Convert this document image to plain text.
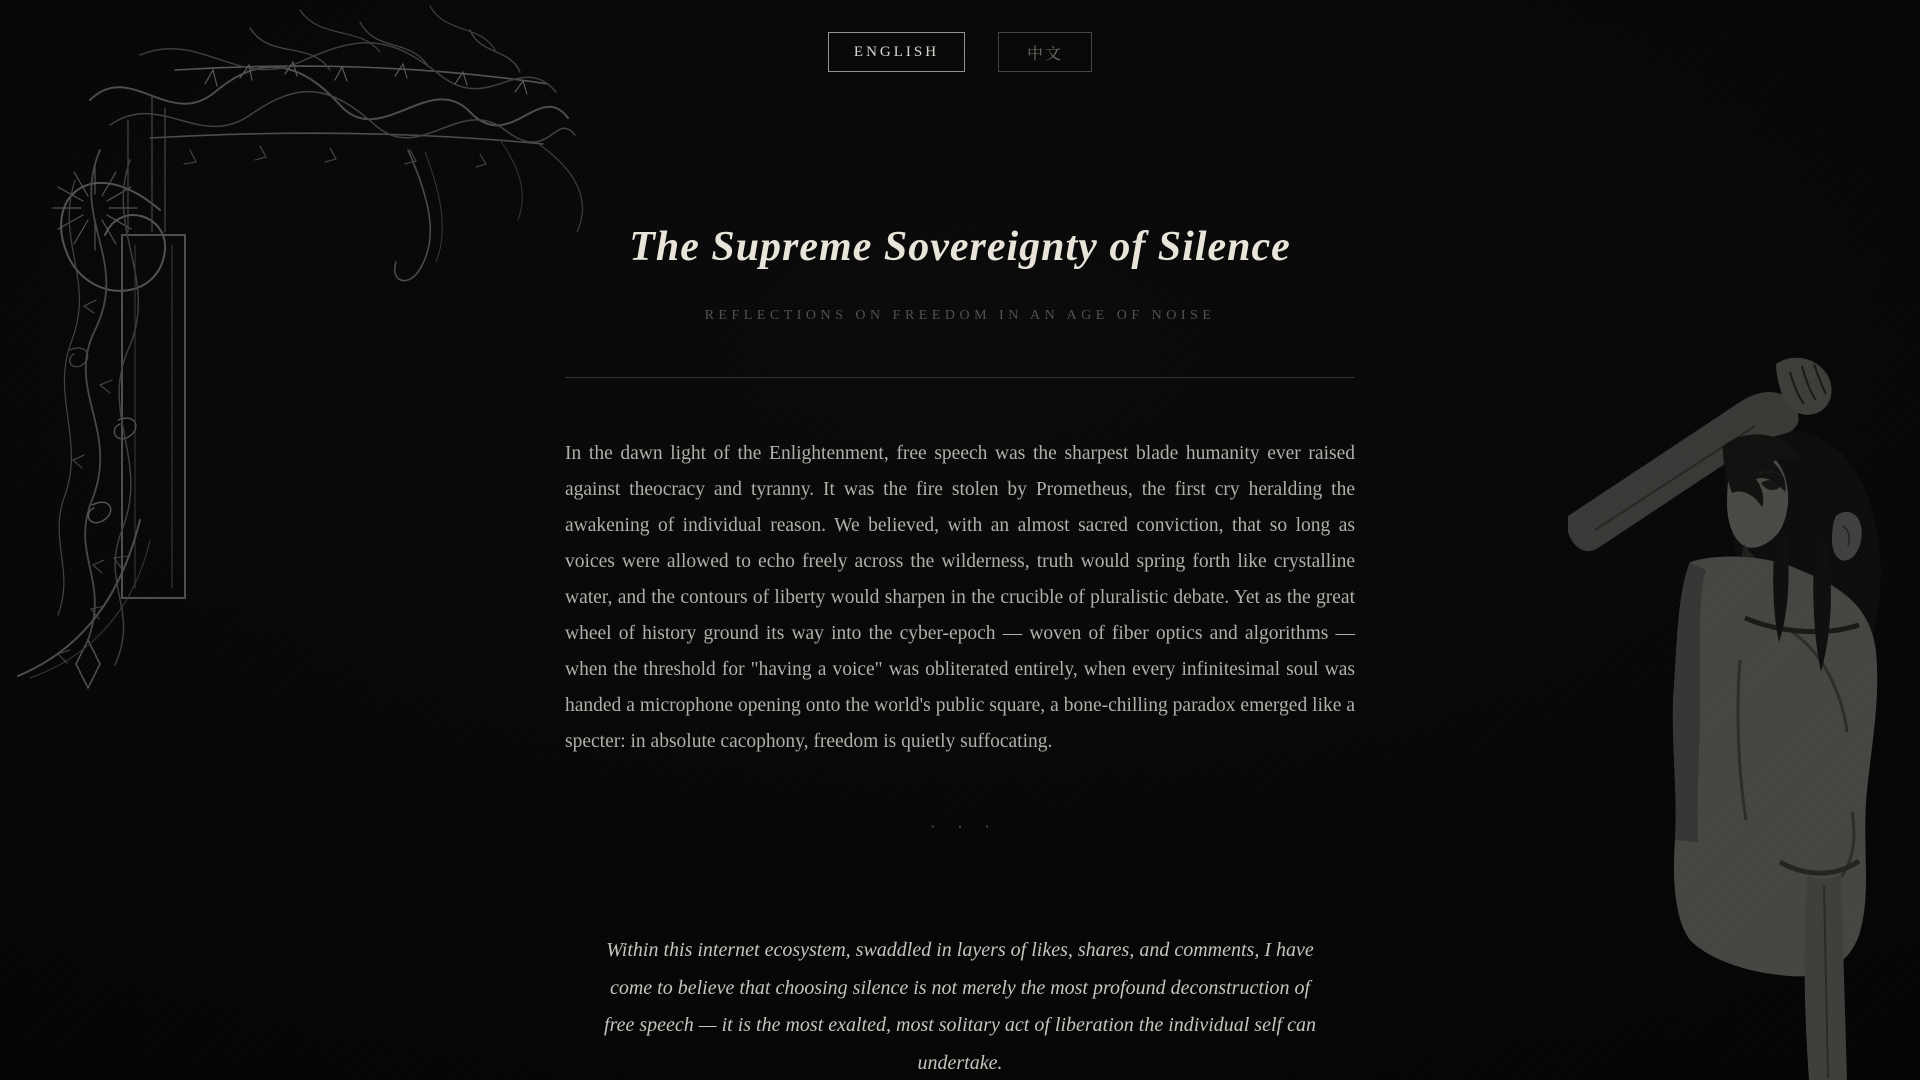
ENGLISH	中文
The Supreme Sovereignty of Silence
REFLECTIONS ON FREEDOM IN AN AGE OF NOISE

In the dawn light of the Enlightenment, free speech was the sharpest blade humanity ever raised against theocracy and tyranny. It was the fire stolen by Prometheus, the first cry heralding the awakening of individual reason. We believed, with an almost sacred conviction, that so long as voices were allowed to echo freely across the wilderness, truth would spring forth like crystalline water, and the contours of liberty would sharpen in the crucible of pluralistic debate. Yet as the great wheel of history ground its way into the cyber-epoch — woven of fiber optics and algorithms — when the threshold for "having a voice" was obliterated entirely, when every infinitesimal soul was handed a microphone opening onto the world's public square, a bone-chilling paradox emerged like a specter: in absolute cacophony, freedom is quietly suffocating.

· · ·
Within this internet ecosystem, swaddled in layers of likes, shares, and comments, I have come to believe that choosing silence is not merely the most profound deconstruction of free speech — it is the most exalted, most solitary act of liberation the individual self can undertake.
